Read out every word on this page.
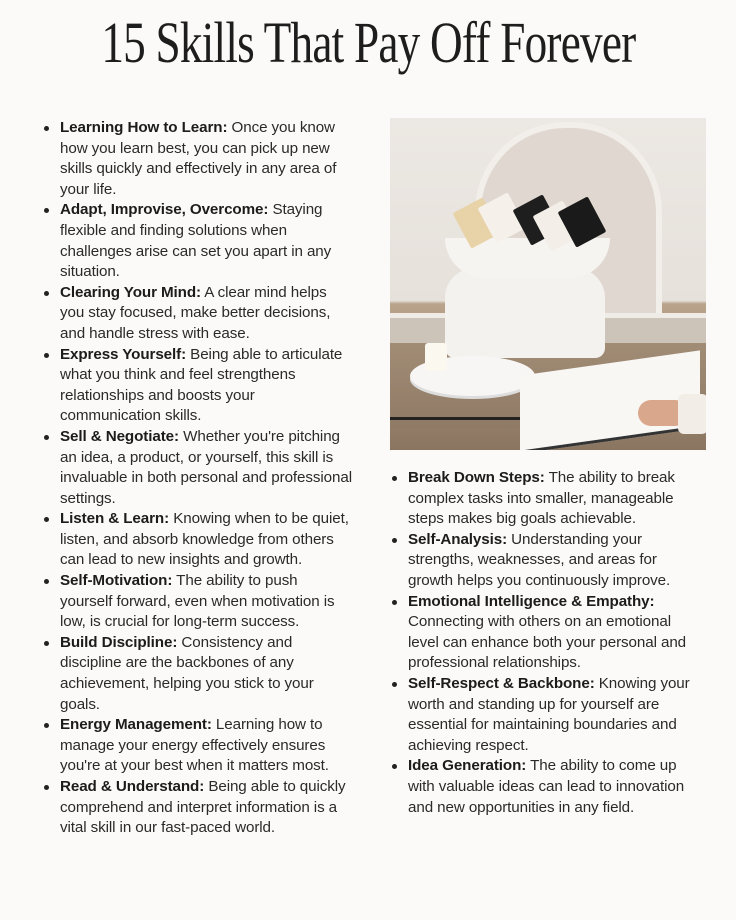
15 Skills That Pay Off Forever
Learning How to Learn: Once you know how you learn best, you can pick up new skills quickly and effectively in any area of your life.
Adapt, Improvise, Overcome: Staying flexible and finding solutions when challenges arise can set you apart in any situation.
Clearing Your Mind: A clear mind helps you stay focused, make better decisions, and handle stress with ease.
Express Yourself: Being able to articulate what you think and feel strengthens relationships and boosts your communication skills.
Sell & Negotiate: Whether you're pitching an idea, a product, or yourself, this skill is invaluable in both personal and professional settings.
Listen & Learn: Knowing when to be quiet, listen, and absorb knowledge from others can lead to new insights and growth.
Self-Motivation: The ability to push yourself forward, even when motivation is low, is crucial for long-term success.
Build Discipline: Consistency and discipline are the backbones of any achievement, helping you stick to your goals.
Energy Management: Learning how to manage your energy effectively ensures you're at your best when it matters most.
Read & Understand: Being able to quickly comprehend and interpret information is a vital skill in our fast-paced world.
Break Down Steps: The ability to break complex tasks into smaller, manageable steps makes big goals achievable.
Self-Analysis: Understanding your strengths, weaknesses, and areas for growth helps you continuously improve.
Emotional Intelligence & Empathy: Connecting with others on an emotional level can enhance both your personal and professional relationships.
Self-Respect & Backbone: Knowing your worth and standing up for yourself are essential for maintaining boundaries and achieving respect.
Idea Generation: The ability to come up with valuable ideas can lead to innovation and new opportunities in any field.
